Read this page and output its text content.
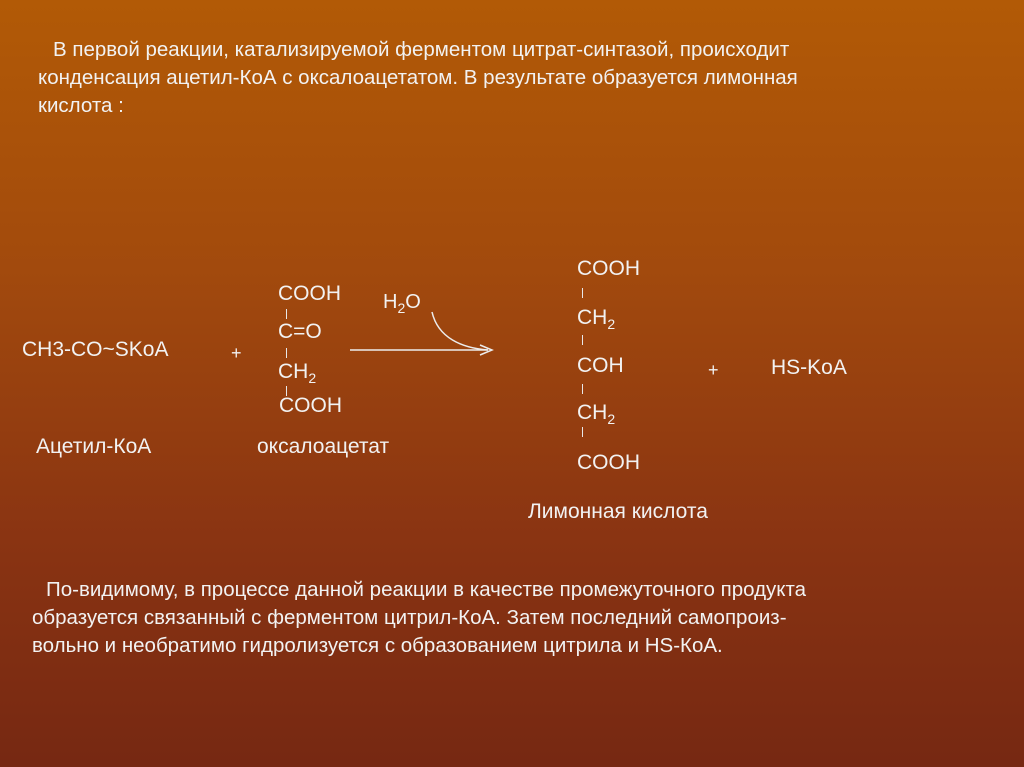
В первой реакции, катализируемой ферментом цитрат-синтазой, происходит
конденсация ацетил-КоА с оксалоацетатом. В результате образуется лимонная
кислота :
CH3-CO~SKoA	+
COOH
C=O
$CH_2$
COOH
$H_2O$
COOH
$CH_2$
COH
$CH_2$
COOH
+ HS-KoA
Ацетил-КоА	оксалоацетат
Лимонная кислота
По-видимому, в процессе данной реакции в качестве промежуточного продукта
образуется связанный с ферментом цитрил-КоА. Затем последний самопроиз-
вольно и необратимо гидролизуется с образованием цитрила и HS-КоА.
